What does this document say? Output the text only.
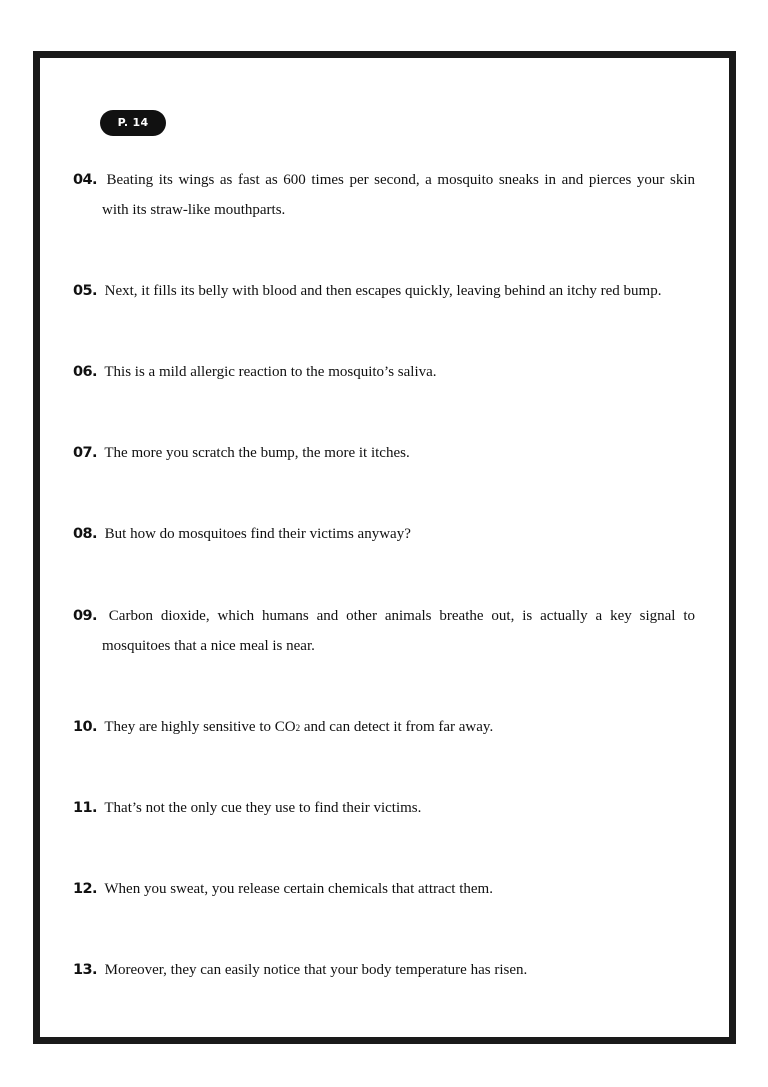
P. 14
04. Beating its wings as fast as 600 times per second, a mosquito sneaks in and pierces your skin
with its straw-like mouthparts.
05. Next, it fills its belly with blood and then escapes quickly, leaving behind an itchy red bump.
06. This is a mild allergic reaction to the mosquito’s saliva.
07. The more you scratch the bump, the more it itches.
08. But how do mosquitoes find their victims anyway?
09. Carbon dioxide, which humans and other animals breathe out, is actually a key signal to
mosquitoes that a nice meal is near.
10. They are highly sensitive to CO2 and can detect it from far away.
11. That’s not the only cue they use to find their victims.
12. When you sweat, you release certain chemicals that attract them.
13. Moreover, they can easily notice that your body temperature has risen.
